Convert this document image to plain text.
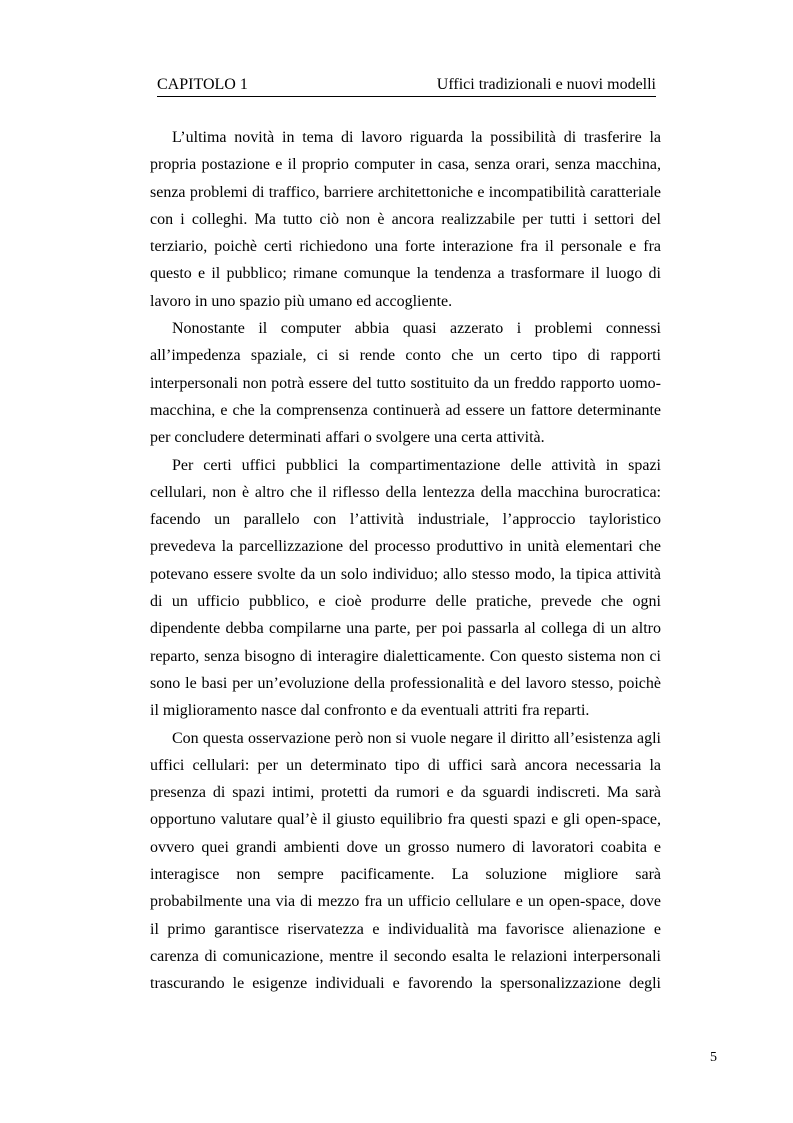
CAPITOLO 1	Uffici tradizionali e nuovi modelli

L’ultima novità in tema di lavoro riguarda la possibilità di trasferire la propria postazione e il proprio computer in casa, senza orari, senza macchina, senza problemi di traffico, barriere architettoniche e incompatibilità caratteriale con i colleghi. Ma tutto ciò non è ancora realizzabile per tutti i settori del terziario, poichè certi richiedono una forte interazione fra il personale e fra questo e il pubblico; rimane comunque la tendenza a trasformare il luogo di lavoro in uno spazio più umano ed accogliente.

Nonostante il computer abbia quasi azzerato i problemi connessi all’impedenza spaziale, ci si rende conto che un certo tipo di rapporti interpersonali non potrà essere del tutto sostituito da un freddo rapporto uomo-macchina, e che la comprensenza continuerà ad essere un fattore determinante per concludere determinati affari o svolgere una certa attività.

Per certi uffici pubblici la compartimentazione delle attività in spazi cellulari, non è altro che il riflesso della lentezza della macchina burocratica: facendo un parallelo con l’attività industriale, l’approccio tayloristico prevedeva la parcellizzazione del processo produttivo in unità elementari che potevano essere svolte da un solo individuo; allo stesso modo, la tipica attività di un ufficio pubblico, e cioè produrre delle pratiche, prevede che ogni dipendente debba compilarne una parte, per poi passarla al collega di un altro reparto, senza bisogno di interagire dialetticamente. Con questo sistema non ci sono le basi per un’evoluzione della professionalità e del lavoro stesso, poichè il miglioramento nasce dal confronto e da eventuali attriti fra reparti.

Con questa osservazione però non si vuole negare il diritto all’esistenza agli uffici cellulari: per un determinato tipo di uffici sarà ancora necessaria la presenza di spazi intimi, protetti da rumori e da sguardi indiscreti. Ma sarà opportuno valutare qual’è il giusto equilibrio fra questi spazi e gli open-space, ovvero quei grandi ambienti dove un grosso numero di lavoratori coabita e interagisce non sempre pacificamente. La soluzione migliore sarà probabilmente una via di mezzo fra un ufficio cellulare e un open-space, dove il primo garantisce riservatezza e individualità ma favorisce alienazione e carenza di comunicazione, mentre il secondo esalta le relazioni interpersonali trascurando le esigenze individuali e favorendo la spersonalizzazione degli

5
